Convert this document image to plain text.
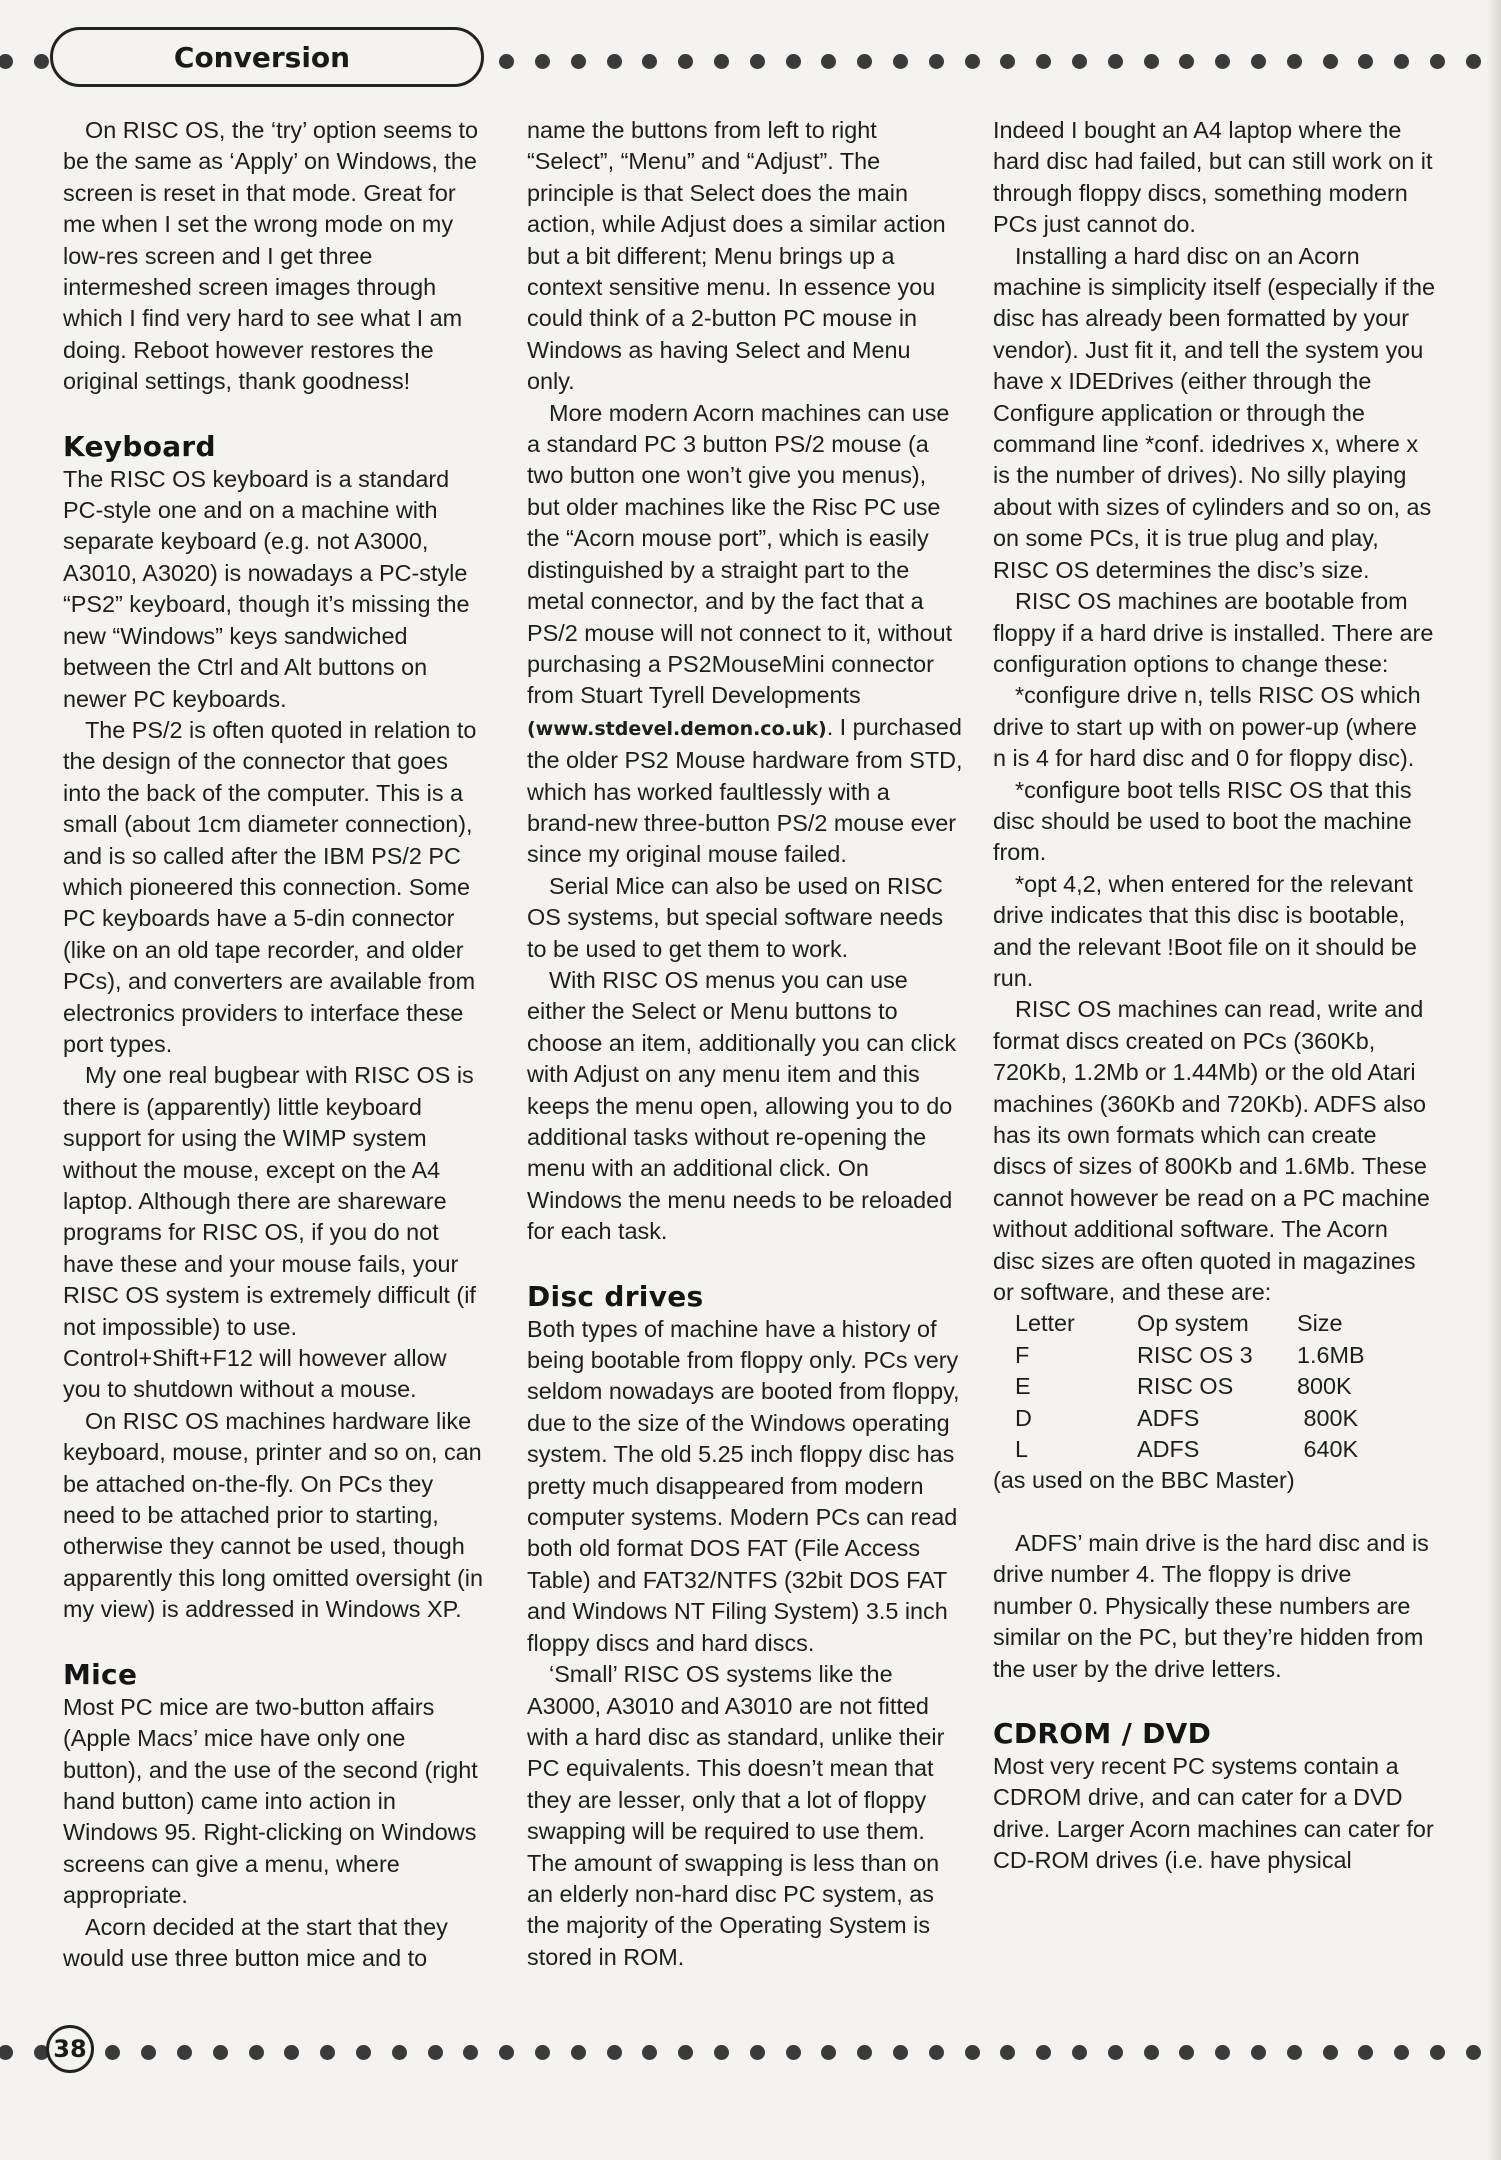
Conversion

On RISC OS, the ‘try’ option seems to be the same as ‘Apply’ on Windows, the screen is reset in that mode. Great for me when I set the wrong mode on my low-res screen and I get three intermeshed screen images through which I find very hard to see what I am doing. Reboot however restores the original settings, thank goodness!

Keyboard

The RISC OS keyboard is a standard PC-style one and on a machine with separate keyboard (e.g. not A3000, A3010, A3020) is nowadays a PC-style “PS2” keyboard, though it’s missing the new “Windows” keys sandwiched between the Ctrl and Alt buttons on newer PC keyboards.

The PS/2 is often quoted in relation to the design of the connector that goes into the back of the computer. This is a small (about 1cm diameter connection), and is so called after the IBM PS/2 PC which pioneered this connection. Some PC keyboards have a 5-din connector (like on an old tape recorder, and older PCs), and converters are available from electronics providers to interface these port types.

My one real bugbear with RISC OS is there is (apparently) little keyboard support for using the WIMP system without the mouse, except on the A4 laptop. Although there are shareware programs for RISC OS, if you do not have these and your mouse fails, your RISC OS system is extremely difficult (if not impossible) to use. Control+Shift+F12 will however allow you to shutdown without a mouse.

On RISC OS machines hardware like keyboard, mouse, printer and so on, can be attached on-the-fly. On PCs they need to be attached prior to starting, otherwise they cannot be used, though apparently this long omitted oversight (in my view) is addressed in Windows XP.

Mice

Most PC mice are two-button affairs (Apple Macs’ mice have only one button), and the use of the second (right hand button) came into action in Windows 95. Right-clicking on Windows screens can give a menu, where appropriate.

Acorn decided at the start that they would use three button mice and to

name the buttons from left to right “Select”, “Menu” and “Adjust”. The principle is that Select does the main action, while Adjust does a similar action but a bit different; Menu brings up a context sensitive menu. In essence you could think of a 2-button PC mouse in Windows as having Select and Menu only.

More modern Acorn machines can use a standard PC 3 button PS/2 mouse (a two button one won’t give you menus), but older machines like the Risc PC use the “Acorn mouse port”, which is easily distinguished by a straight part to the metal connector, and by the fact that a PS/2 mouse will not connect to it, without purchasing a PS2MouseMini connector from Stuart Tyrell Developments (www.stdevel.demon.co.uk). I purchased the older PS2 Mouse hardware from STD, which has worked faultlessly with a brand-new three-button PS/2 mouse ever since my original mouse failed.

Serial Mice can also be used on RISC OS systems, but special software needs to be used to get them to work.

With RISC OS menus you can use either the Select or Menu buttons to choose an item, additionally you can click with Adjust on any menu item and this keeps the menu open, allowing you to do additional tasks without re-opening the menu with an additional click. On Windows the menu needs to be reloaded for each task.

Disc drives

Both types of machine have a history of being bootable from floppy only. PCs very seldom nowadays are booted from floppy, due to the size of the Windows operating system. The old 5.25 inch floppy disc has pretty much disappeared from modern computer systems. Modern PCs can read both old format DOS FAT (File Access Table) and FAT32/NTFS (32bit DOS FAT and Windows NT Filing System) 3.5 inch floppy discs and hard discs.

‘Small’ RISC OS systems like the A3000, A3010 and A3010 are not fitted with a hard disc as standard, unlike their PC equivalents. This doesn’t mean that they are lesser, only that a lot of floppy swapping will be required to use them. The amount of swapping is less than on an elderly non-hard disc PC system, as the majority of the Operating System is stored in ROM.

Indeed I bought an A4 laptop where the hard disc had failed, but can still work on it through floppy discs, something modern PCs just cannot do.

Installing a hard disc on an Acorn machine is simplicity itself (especially if the disc has already been formatted by your vendor). Just fit it, and tell the system you have x IDEDrives (either through the Configure application or through the command line *conf. idedrives x, where x is the number of drives). No silly playing about with sizes of cylinders and so on, as on some PCs, it is true plug and play, RISC OS determines the disc’s size.

RISC OS machines are bootable from floppy if a hard drive is installed. There are configuration options to change these:

*configure drive n, tells RISC OS which drive to start up with on power-up (where n is 4 for hard disc and 0 for floppy disc).

*configure boot tells RISC OS that this disc should be used to boot the machine from.

*opt 4,2, when entered for the relevant drive indicates that this disc is bootable, and the relevant !Boot file on it should be run.

RISC OS machines can read, write and format discs created on PCs (360Kb, 720Kb, 1.2Mb or 1.44Mb) or the old Atari machines (360Kb and 720Kb). ADFS also has its own formats which can create discs of sizes of 800Kb and 1.6Mb. These cannot however be read on a PC machine without additional software. The Acorn disc sizes are often quoted in magazines or software, and these are:

Letter	Op system	Size
F	RISC OS 3	1.6MB
E	RISC OS	800K
D	ADFS	800K
L	ADFS	640K

(as used on the BBC Master)

ADFS’ main drive is the hard disc and is drive number 4. The floppy is drive number 0. Physically these numbers are similar on the PC, but they’re hidden from the user by the drive letters.

CDROM / DVD

Most very recent PC systems contain a CDROM drive, and can cater for a DVD drive. Larger Acorn machines can cater for CD-ROM drives (i.e. have physical

38
